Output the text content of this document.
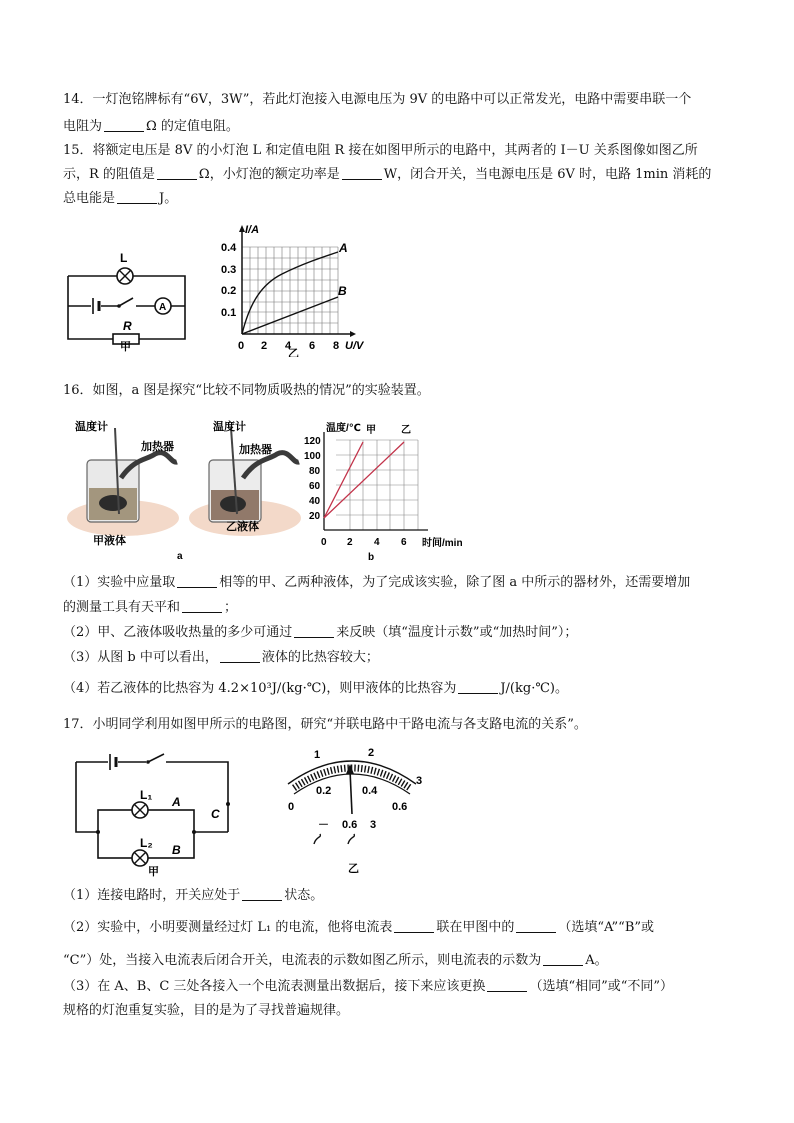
14．一灯泡铭牌标有“6V，3W”，若此灯泡接入电源电压为 9V 的电路中可以正常发光，电路中需要串联一个
电阻为	Ω 的定值电阻。
15．将额定电压是 8V 的小灯泡 L 和定值电阻 R 接在如图甲所示的电路中，其两者的 I－U 关系图像如图乙所
示，R 的阻值是	Ω，小灯泡的额定功率是	W，闭合开关，当电源电压是 6V 时，电路 1min 消耗的
总电能是	J。
L
A
R
甲
I/A
U/V
0.4
0.3
0.2
0.1
0 2 4 6 8
A
B
乙
16．如图，a 图是探究“比较不同物质吸热的情况”的实验装置。
温度计
加热器
甲液体
温度计
加热器
乙液体
a
温度/℃ 甲	乙
120
100
80
60
40
20
0 2 4 6 时间/min
b
（1）实验中应量取	相等的甲、乙两种液体，为了完成该实验，除了图 a 中所示的器材外，还需要增加
的测量工具有天平和	；
（2）甲、乙液体吸收热量的多少可通过	来反映（填“温度计示数”或“加热时间”）；
（3）从图 b 中可以看出，	液体的比热容较大；
（4）若乙液体的比热容为 4.2×10³J/(kg·℃)，则甲液体的比热容为	J/(kg·℃)。
17．小明同学利用如图甲所示的电路图，研究“并联电路中干路电流与各支路电流的关系”。
L₁
L₂
A
B
C
甲
1	2
3
0
0.2	0.4
0.6
－ 0.6 3
乙
（1）连接电路时，开关应处于	状态。
（2）实验中，小明要测量经过灯 L₁ 的电流，他将电流表	联在甲图中的	（选填“A”“B”或
“C”）处，当接入电流表后闭合开关，电流表的示数如图乙所示，则电流表的示数为	A。
（3）在 A、B、C 三处各接入一个电流表测量出数据后，接下来应该更换	（选填“相同”或“不同”）
规格的灯泡重复实验，目的是为了寻找普遍规律。
